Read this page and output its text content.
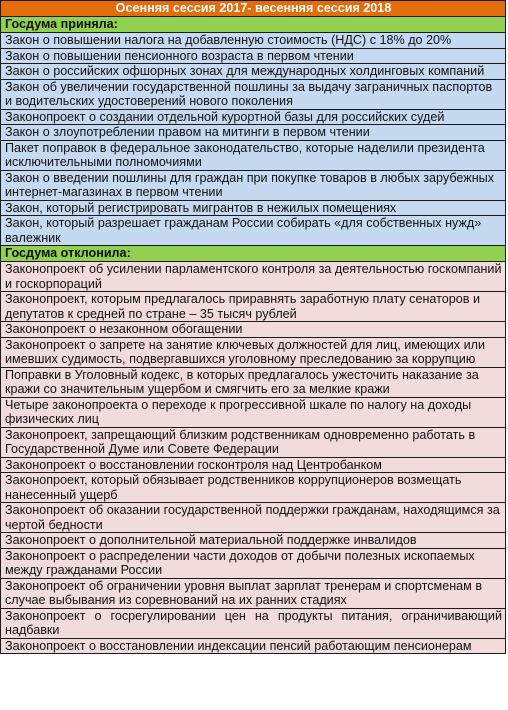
Осенняя сессия 2017- весенняя сессия 2018
Госдума приняла:
Закон о повышении налога на добавленную стоимость (НДС) с 18% до 20%
Закон о повышении пенсионного возраста в первом чтении
Закон о российских офшорных зонах для международных холдинговых компаний
Закон об увеличении государственной пошлины за выдачу заграничных паспортов и водительских удостоверений нового поколения
Законопроект о создании отдельной курортной базы для российских судей
Закон о злоупотреблении правом на митинги в первом чтении
Пакет поправок в федеральное законодательство, которые наделили президента исключительными полномочиями
Закон о введении пошлины для граждан при покупке товаров в любых зарубежных интернет-магазинах в первом чтении
Закон, который регистрировать мигрантов в нежилых помещениях
Закон, который разрешает гражданам России собирать «для собственных нужд» валежник
Госдума отклонила:
Законопроект об усилении парламентского контроля за деятельностью госкомпаний и госкорпораций
Законопроект, которым предлагалось приравнять заработную плату сенаторов и депутатов к средней по стране – 35 тысяч рублей
Законопроект о незаконном обогащении
Законопроект о запрете на занятие ключевых должностей для лиц, имеющих или имевших судимость, подвергавшихся уголовному преследованию за коррупцию
Поправки в Уголовный кодекс, в которых предлагалось ужесточить наказание за кражи со значительным ущербом и смягчить его за мелкие кражи
Четыре законопроекта о переходе к прогрессивной шкале по налогу на доходы физических лиц
Законопроект, запрещающий близким родственникам одновременно работать в Государственной Думе или Совете Федерации
Законопроект о восстановлении госконтроля над Центробанком
Законопроект, который обязывает родственников коррупционеров возмещать нанесенный ущерб
Законопроект об оказании государственной поддержки гражданам, находящимся за чертой бедности
Законопроект о дополнительной материальной поддержке инвалидов
Законопроект о распределении части доходов от добычи полезных ископаемых между гражданами России
Законопроект об ограничении уровня выплат зарплат тренерам и спортсменам в случае выбывания из соревнований на их ранних стадиях
Законопроект о госрегулировании цен на продукты питания, ограничивающий надбавки
Законопроект о восстановлении индексации пенсий работающим пенсионерам
